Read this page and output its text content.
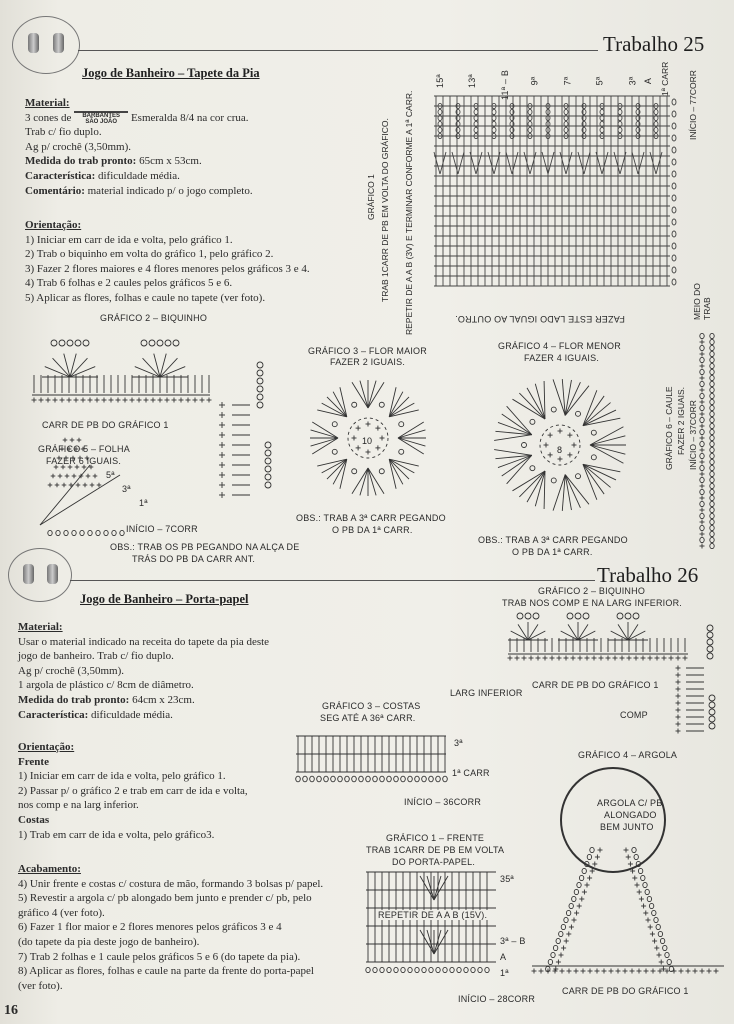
Trabalho 25
Jogo de Banheiro – Tapete da Pia
Material:
3 cones de BARBANTES
SÃO JOÃO Esmeralda 8/4 na cor crua.
Trab c/ fio duplo.
Ag p/ crochê (3,50mm).
Medida do trab pronto: 65cm x 53cm.
Característica: dificuldade média.
Comentário: material indicado p/ o jogo completo.
Orientação:
1) Iniciar em carr de ida e volta, pelo gráfico 1.
2) Trab o biquinho em volta do gráfico 1, pelo gráfico 2.
3) Fazer 2 flores maiores e 4 flores menores pelos gráficos 3 e 4.
4) Trab 6 folhas e 2 caules pelos gráficos 5 e 6.
5) Aplicar as flores, folhas e caule no tapete (ver foto).
GRÁFICO 1 TRAB 1CARR DE PB EM VOLTA DO GRÁFICO. REPETIR DE A A B (3V) E TERMINAR CONFORME A 1ª CARR.
15ª 13ª	11ª – B 9ª	7ª 5ª	3ª A 1ª CARR INÍCIO – 77CORR
FAZER ESTE LADO IGUAL AO OUTRO.	MEIO DO
TRAB
GRÁFICO 2 – BIQUINHO
CARR DE PB DO GRÁFICO 1
GRÁFICO 5 – FOLHA
FAZER 6 IGUAIS.
5ª
3ª
1ª
INÍCIO – 7CORR
OBS.: TRAB OS PB PEGANDO NA ALÇA DE
TRÁS DO PB DA CARR ANT.
GRÁFICO 3 – FLOR MAIOR
FAZER 2 IGUAIS.
10
OBS.: TRAB A 3ª CARR PEGANDO
O PB DA 1ª CARR.
GRÁFICO 4 – FLOR MENOR
FAZER 4 IGUAIS.
8
OBS.: TRAB A 3ª CARR PEGANDO
O PB DA 1ª CARR.
GRÁFICO 6 – CAULE FAZER 2 IGUAIS. INÍCIO – 37CORR
Trabalho 26
Jogo de Banheiro – Porta-papel
Material:
Usar o material indicado na receita do tapete da pia deste
jogo de banheiro. Trab c/ fio duplo.
Ag p/ crochê (3,50mm).
1 argola de plástico c/ 8cm de diâmetro.
Medida do trab pronto: 64cm x 23cm.
Característica: dificuldade média.
Orientação:
Frente
1) Iniciar em carr de ida e volta, pelo gráfico 1.
2) Passar p/ o gráfico 2 e trab em carr de ida e volta,
nos comp e na larg inferior.
Costas
1) Trab em carr de ida e volta, pelo gráfico3.
Acabamento:
4) Unir frente e costas c/ costura de mão, formando 3 bolsas p/ papel.
5) Revestir a argola c/ pb alongado bem junto e prender c/ pb, pelo
gráfico 4 (ver foto).
6) Fazer 1 flor maior e 2 flores menores pelos gráficos 3 e 4
(do tapete da pia deste jogo de banheiro).
7) Trab 2 folhas e 1 caule pelos gráficos 5 e 6 (do tapete da pia).
8) Aplicar as flores, folhas e caule na parte da frente do porta-papel
(ver foto).
16
GRÁFICO 2 – BIQUINHO
TRAB NOS COMP E NA LARG INFERIOR.
LARG INFERIOR
CARR DE PB DO GRÁFICO 1
COMP
GRÁFICO 3 – COSTAS
SEG ATÉ A 36ª CARR.
3ª
1ª CARR
INÍCIO – 36CORR
GRÁFICO 4 – ARGOLA
ARGOLA C/ PB
ALONGADO
BEM JUNTO
CARR DE PB DO GRÁFICO 1
GRÁFICO 1 – FRENTE
TRAB 1CARR DE PB EM VOLTA
DO PORTA-PAPEL.
35ª
REPETIR DE A A B (15V).
3ª – B
A
1ª
INÍCIO – 28CORR
